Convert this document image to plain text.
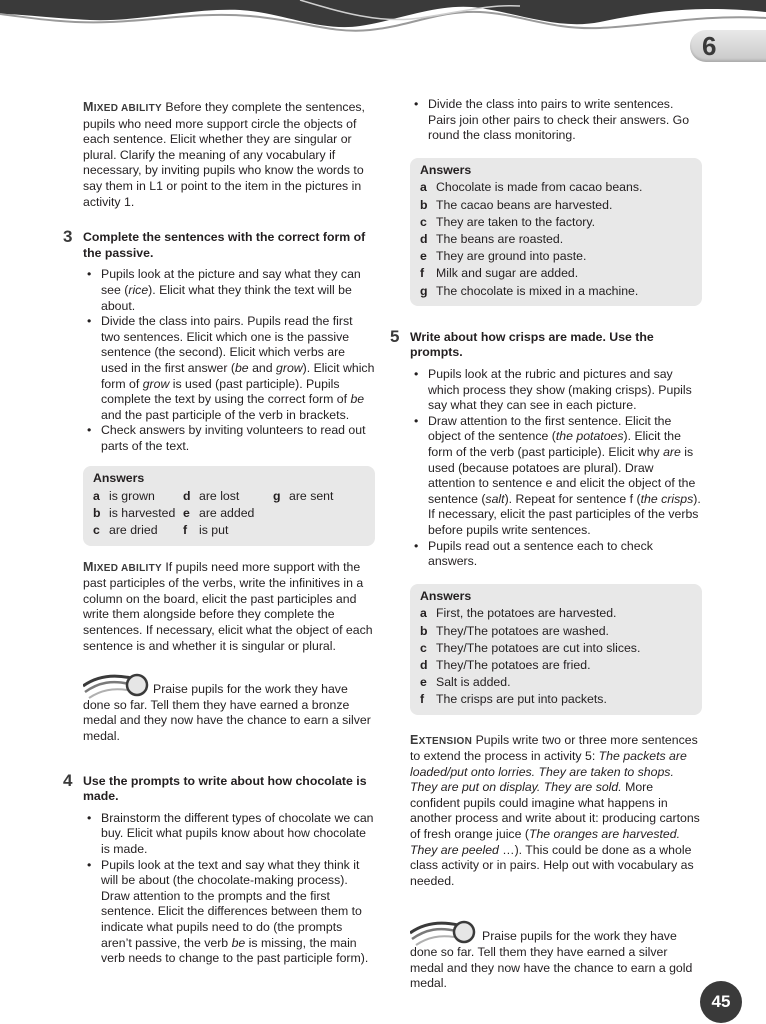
6

MIXED ABILITY Before they complete the sentences, pupils who need more support circle the objects of each sentence. Elicit whether they are singular or plural. Clarify the meaning of any vocabulary if necessary, by inviting pupils who know the words to say them in L1 or point to the item in the pictures in activity 1.

3 Complete the sentences with the correct form of the passive.

• Pupils look at the picture and say what they can see (rice). Elicit what they think the text will be about.
• Divide the class into pairs. Pupils read the first two sentences. Elicit which one is the passive sentence (the second). Elicit which verbs are used in the first answer (be and grow). Elicit which form of grow is used (past participle). Pupils complete the text by using the correct form of be and the past participle of the verb in brackets.
• Check answers by inviting volunteers to read out parts of the text.
Answers
a is grown	d are lost	g are sent
b is harvested e are added
c are dried	f is put

MIXED ABILITY If pupils need more support with the past participles of the verbs, write the infinitives in a column on the board, elicit the past participles and write them alongside before they complete the sentences. If necessary, elicit what the object of each sentence is and whether it is singular or plural.

Praise pupils for the work they have done so far. Tell them they have earned a bronze medal and they now have the chance to earn a silver medal.

4 Use the prompts to write about how chocolate is made.

• Brainstorm the different types of chocolate we can buy. Elicit what pupils know about how chocolate is made.
• Pupils look at the text and say what they think it will be about (the chocolate-making process). Draw attention to the prompts and the first sentence. Elicit the differences between them to indicate what pupils need to do (the prompts aren’t passive, the verb be is missing, the main verb needs to change to the past participle form).
• Divide the class into pairs to write sentences. Pairs join other pairs to check their answers. Go round the class monitoring.
Answers
a Chocolate is made from cacao beans.
b The cacao beans are harvested.
c They are taken to the factory.
d The beans are roasted.
e They are ground into paste.
f Milk and sugar are added.
g The chocolate is mixed in a machine.
5 Write about how crisps are made. Use the prompts.

• Pupils look at the rubric and pictures and say which process they show (making crisps). Pupils say what they can see in each picture.
• Draw attention to the first sentence. Elicit the object of the sentence (the potatoes). Elicit the form of the verb (past participle). Elicit why are is used (because potatoes are plural). Draw attention to sentence e and elicit the object of the sentence (salt). Repeat for sentence f (the crisps). If necessary, elicit the past participles of the verbs before pupils write sentences.
• Pupils read out a sentence each to check answers.
Answers
a First, the potatoes are harvested.
b They/The potatoes are washed.
c They/The potatoes are cut into slices.
d They/The potatoes are fried.
e Salt is added.
f The crisps are put into packets.

EXTENSION Pupils write two or three more sentences to extend the process in activity 5: The packets are loaded/put onto lorries. They are taken to shops. They are put on display. They are sold. More confident pupils could imagine what happens in another process and write about it: producing cartons of fresh orange juice (The oranges are harvested. They are peeled …). This could be done as a whole class activity or in pairs. Help out with vocabulary as needed.

Praise pupils for the work they have done so far. Tell them they have earned a silver medal and they now have the chance to earn a gold medal.

45
